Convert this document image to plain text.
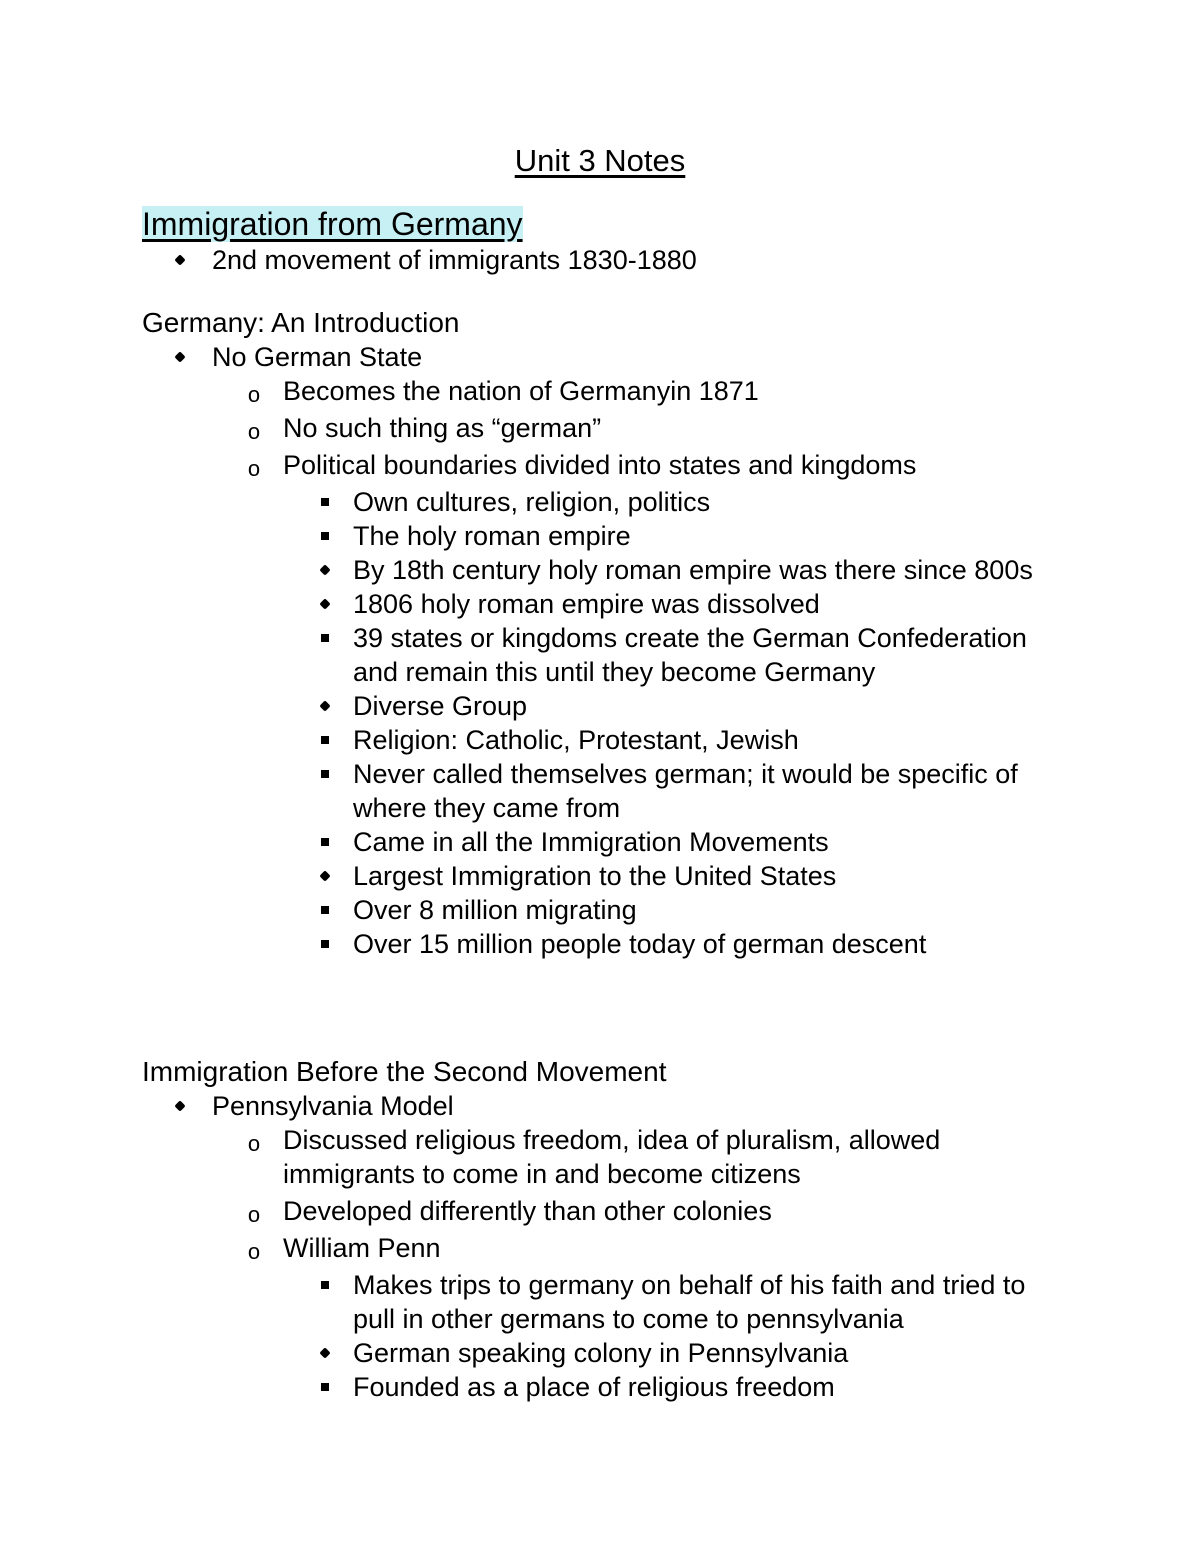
Unit 3 Notes
Immigration from Germany
2nd movement of immigrants 1830-1880
Germany: An Introduction
No German State
o Becomes the nation of Germanyin 1871
o No such thing as “german”
o Political boundaries divided into states and kingdoms
Own cultures, religion, politics
The holy roman empire
By 18th century holy roman empire was there since 800s
1806 holy roman empire was dissolved
39 states or kingdoms create the German Confederation and remain this until they become Germany
Diverse Group
Religion: Catholic, Protestant, Jewish
Never called themselves german; it would be specific of where they came from
Came in all the Immigration Movements
Largest Immigration to the United States
Over 8 million migrating
Over 15 million people today of german descent
Immigration Before the Second Movement
Pennsylvania Model
o Discussed religious freedom, idea of pluralism, allowed immigrants to come in and become citizens
o Developed differently than other colonies
o William Penn
Makes trips to germany on behalf of his faith and tried to pull in other germans to come to pennsylvania
German speaking colony in Pennsylvania
Founded as a place of religious freedom
